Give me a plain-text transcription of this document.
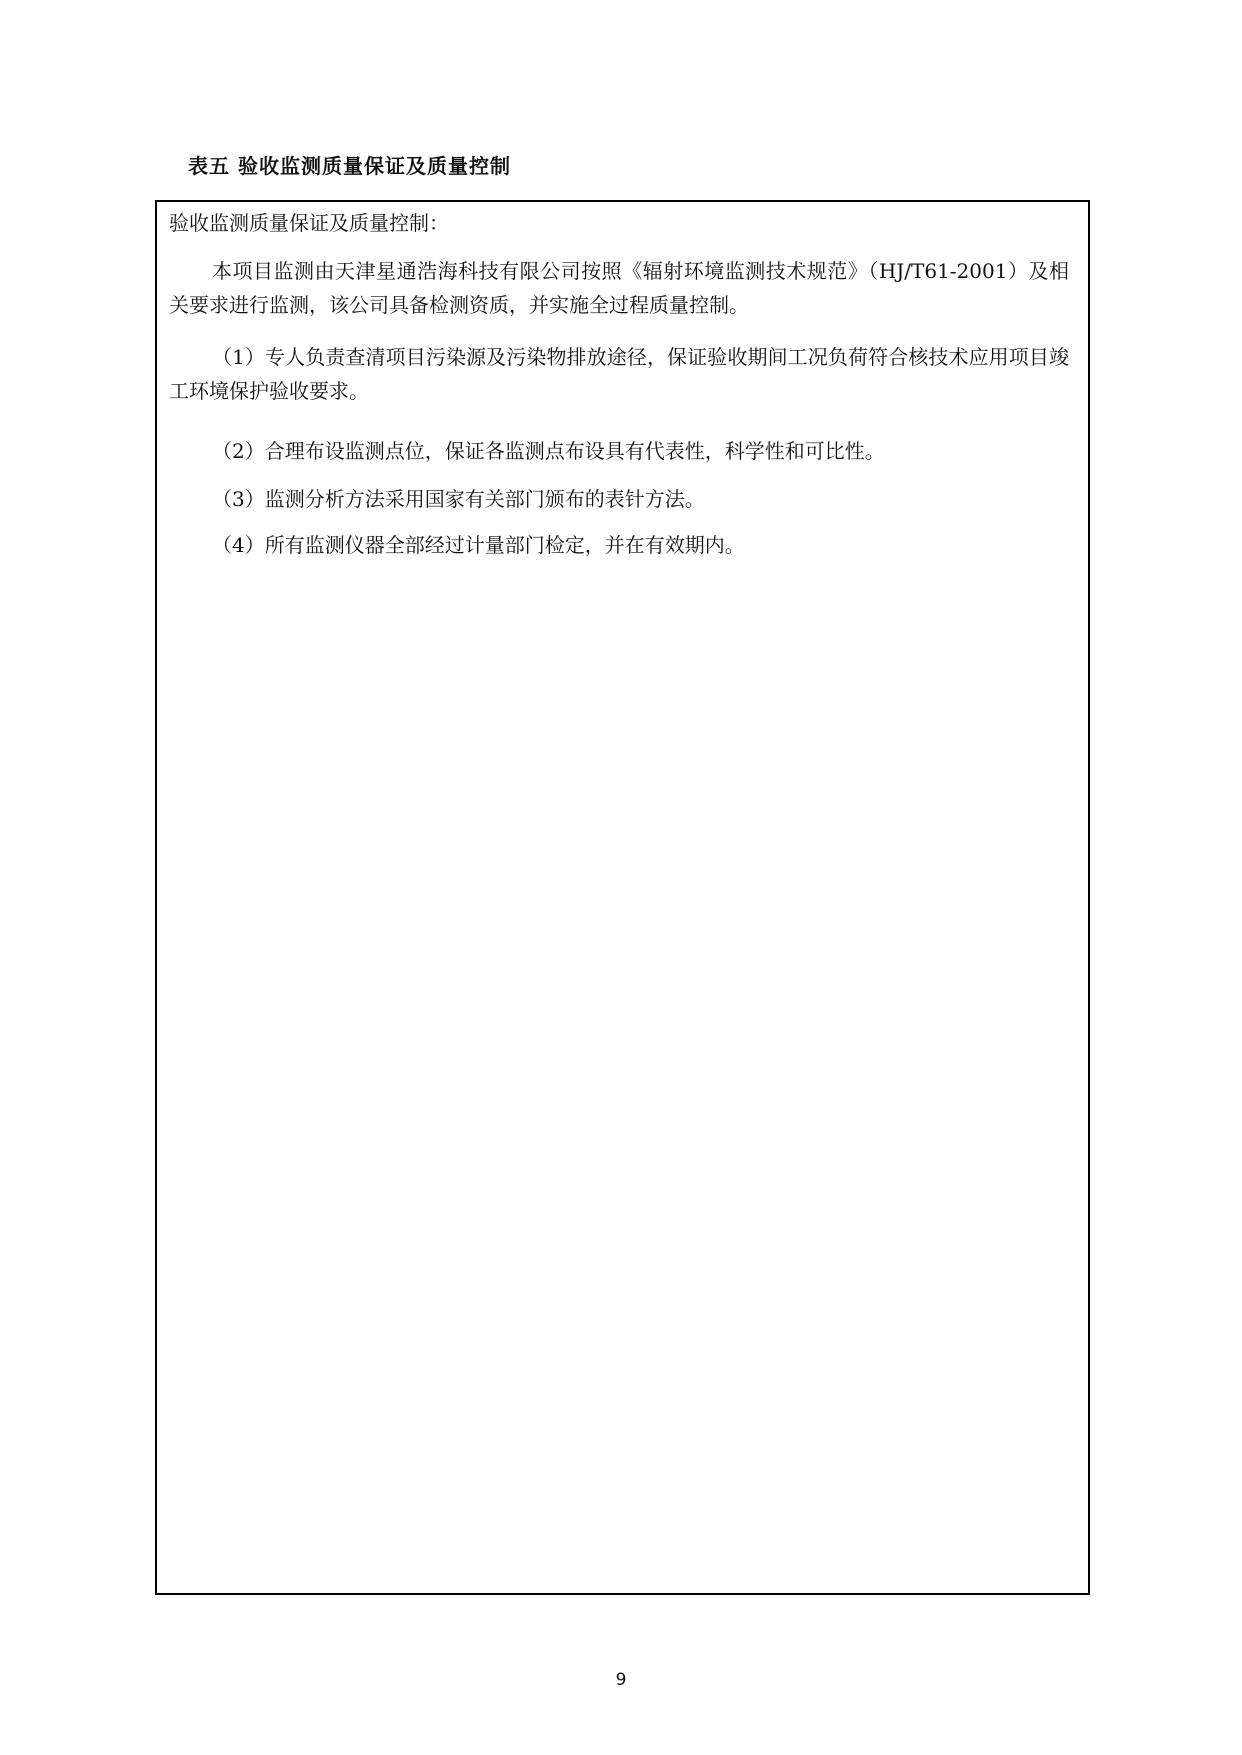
表五 验收监测质量保证及质量控制
验收监测质量保证及质量控制：

本项目监测由天津星通浩海科技有限公司按照《辐射环境监测技术规范》（HJ/T61-2001）及相关要求进行监测，该公司具备检测资质，并实施全过程质量控制。

（1）专人负责查清项目污染源及污染物排放途径，保证验收期间工况负荷符合核技术应用项目竣工环境保护验收要求。

（2）合理布设监测点位，保证各监测点布设具有代表性，科学性和可比性。
（3）监测分析方法采用国家有关部门颁布的表针方法。
（4）所有监测仪器全部经过计量部门检定，并在有效期内。
9
